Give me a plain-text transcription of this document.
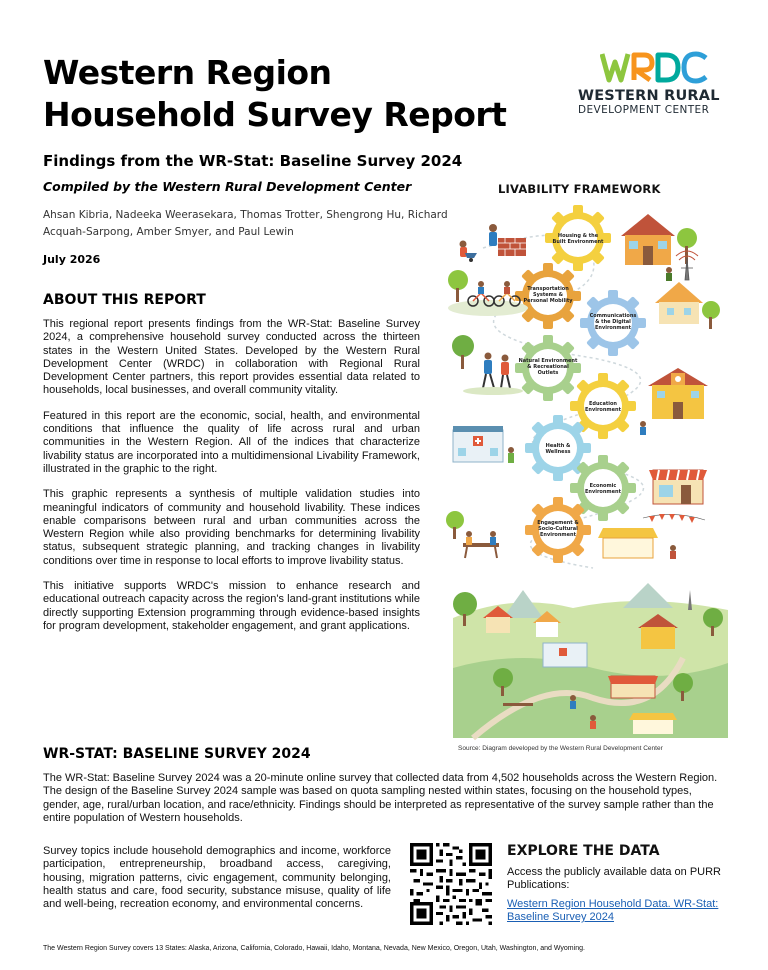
Western Region Household Survey Report	WESTERN RURAL
DEVELOPMENT CENTER
Findings from the WR-Stat: Baseline Survey 2024
Compiled by the Western Rural Development Center
Ahsan Kibria, Nadeeka Weerasekara, Thomas Trotter, Shengrong Hu, Richard Acquah-Sarpong, Amber Smyer, and Paul Lewin
July 2026
ABOUT THIS REPORT

This regional report presents findings from the WR-Stat: Baseline Survey 2024, a comprehensive household survey conducted across the thirteen states in the Western United States. Developed by the Western Rural Development Center (WRDC) in collaboration with Regional Rural Development Center partners, this report provides essential data related to households, local businesses, and overall community vitality.

Featured in this report are the economic, social, health, and environmental conditions that influence the quality of life across rural and urban communities in the Western Region. All of the indices that characterize livability status are incorporated into a multidimensional Livability Framework, illustrated in the graphic to the right.

This graphic represents a synthesis of multiple validation studies into meaningful indicators of community and household livability. These indices enable comparisons between rural and urban communities across the Western Region while also providing benchmarks for determining livability status, subsequent strategic planning, and tracking changes in livability conditions over time in response to local efforts to improve livability status.

This initiative supports WRDC's mission to enhance research and educational outreach capacity across the region's land-grant institutions while directly supporting Extension programming through evidence-based insights for program development, stakeholder engagement, and grant applications.

LIVABILITY FRAMEWORK
Housing & the Built Environment
Transportation Systems & Personal Mobility
Communications & the Digital Environment
Natural Environment & Recreational Outlets
Education Environment
Health & Wellness
Economic Environment
Engagement & Socio-Cultural Environment
Source: Diagram developed by the Western Rural Development Center
WR-STAT: BASELINE SURVEY 2024

The WR-Stat: Baseline Survey 2024 was a 20-minute online survey that collected data from 4,502 households across the Western Region. The design of the Baseline Survey 2024 sample was based on quota sampling nested within states, focusing on the household types, gender, age, rural/urban location, and race/ethnicity. Findings should be interpreted as representative of the survey sample rather than the entire population of Western households.

Survey topics include household demographics and income, workforce participation, entrepreneurship, broadband access, caregiving, housing, migration patterns, civic engagement, community belonging, health status and care, food security, substance misuse, quality of life and well-being, recreation economy, and environmental concerns.

EXPLORE THE DATA
Access the publicly available data on PURR Publications:
Western Region Household Data. WR-Stat: Baseline Survey 2024
The Western Region Survey covers 13 States: Alaska, Arizona, California, Colorado, Hawaii, Idaho, Montana, Nevada, New Mexico, Oregon, Utah, Washington, and Wyoming.
